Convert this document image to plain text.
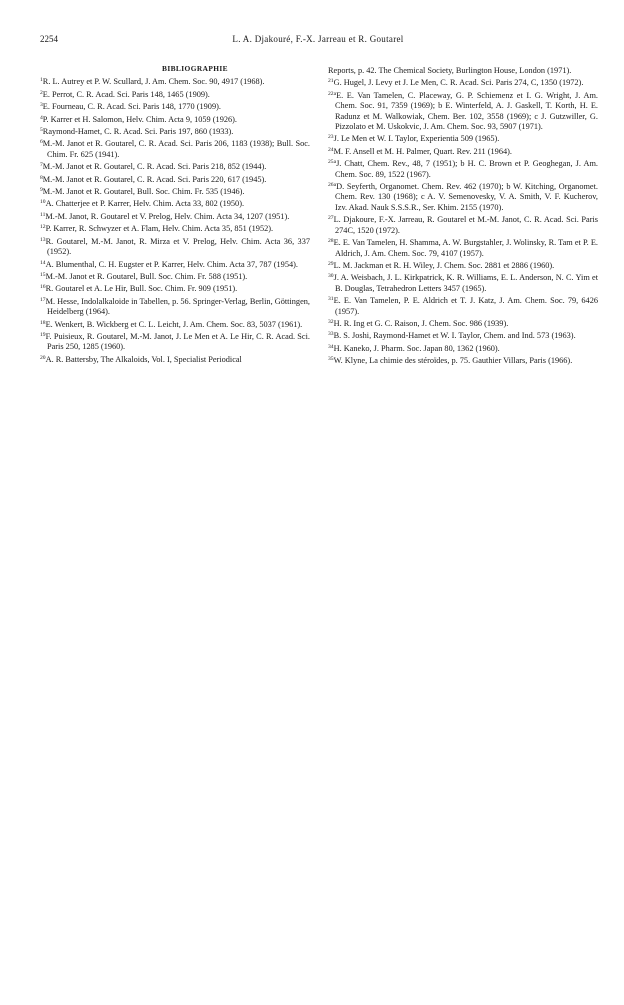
2254	L. A. Djakouré, F.-X. Jarreau et R. Goutarel
BIBLIOGRAPHIE
$^1$R. L. Autrey et P. W. Scullard, J. Am. Chem. Soc. 90, 4917 (1968).
$^2$E. Perrot, C. R. Acad. Sci. Paris 148, 1465 (1909).
$^3$E. Fourneau, C. R. Acad. Sci. Paris 148, 1770 (1909).
$^4$P. Karrer et H. Salomon, Helv. Chim. Acta 9, 1059 (1926).
$^5$Raymond-Hamet, C. R. Acad. Sci. Paris 197, 860 (1933).
$^6$M.-M. Janot et R. Goutarel, C. R. Acad. Sci. Paris 206, 1183 (1938); Bull. Soc. Chim. Fr. 625 (1941).
$^7$M.-M. Janot et R. Goutarel, C. R. Acad. Sci. Paris 218, 852 (1944).
$^8$M.-M. Janot et R. Goutarel, C. R. Acad. Sci. Paris 220, 617 (1945).
$^9$M.-M. Janot et R. Goutarel, Bull. Soc. Chim. Fr. 535 (1946).
$^{10}$A. Chatterjee et P. Karrer, Helv. Chim. Acta 33, 802 (1950).
$^{11}$M.-M. Janot, R. Goutarel et V. Prelog, Helv. Chim. Acta 34, 1207 (1951).
$^{12}$P. Karrer, R. Schwyzer et A. Flam, Helv. Chim. Acta 35, 851 (1952).
$^{13}$R. Goutarel, M.-M. Janot, R. Mirza et V. Prelog, Helv. Chim. Acta 36, 337 (1952).
$^{14}$A. Blumenthal, C. H. Eugster et P. Karrer, Helv. Chim. Acta 37, 787 (1954).
$^{15}$M.-M. Janot et R. Goutarel, Bull. Soc. Chim. Fr. 588 (1951).
$^{16}$R. Goutarel et A. Le Hir, Bull. Soc. Chim. Fr. 909 (1951).
$^{17}$M. Hesse, Indolalkaloide in Tabellen, p. 56. Springer-Verlag, Berlin, Göttingen, Heidelberg (1964).
$^{18}$E. Wenkert, B. Wickberg et C. L. Leicht, J. Am. Chem. Soc. 83, 5037 (1961).
$^{19}$F. Puisieux, R. Goutarel, M.-M. Janot, J. Le Men et A. Le Hir, C. R. Acad. Sci. Paris 250, 1285 (1960).
$^{20}$A. R. Battersby, The Alkaloids, Vol. I, Specialist Periodical
Reports, p. 42. The Chemical Society, Burlington House, London (1971).
$^{21}$G. Hugel, J. Levy et J. Le Men, C. R. Acad. Sci. Paris 274, C, 1350 (1972).
$^{22a}$E. E. Van Tamelen, C. Placeway, G. P. Schiemenz et I. G. Wright, J. Am. Chem. Soc. 91, 7359 (1969); b E. Winterfeld, A. J. Gaskell, T. Korth, H. E. Radunz et M. Walkowiak, Chem. Ber. 102, 3558 (1969); c J. Gutzwiller, G. Pizzolato et M. Uskokvic, J. Am. Chem. Soc. 93, 5907 (1971).
$^{23}$J. Le Men et W. I. Taylor, Experientia 509 (1965).
$^{24}$M. F. Ansell et M. H. Palmer, Quart. Rev. 211 (1964).
$^{25a}$J. Chatt, Chem. Rev., 48, 7 (1951); b H. C. Brown et P. Geoghegan, J. Am. Chem. Soc. 89, 1522 (1967).
$^{26a}$D. Seyferth, Organomet. Chem. Rev. 462 (1970); b W. Kitching, Organomet. Chem. Rev. 130 (1968); c A. V. Semenovesky, V. A. Smith, V. F. Kucherov, Izv. Akad. Nauk S.S.S.R., Ser. Khim. 2155 (1970).
$^{27}$L. Djakoure, F.-X. Jarreau, R. Goutarel et M.-M. Janot, C. R. Acad. Sci. Paris 274C, 1520 (1972).
$^{28}$E. E. Van Tamelen, H. Shamma, A. W. Burgstahler, J. Wolinsky, R. Tam et P. E. Aldrich, J. Am. Chem. Soc. 79, 4107 (1957).
$^{29}$L. M. Jackman et R. H. Wiley, J. Chem. Soc. 2881 et 2886 (1960).
$^{30}$J. A. Weisbach, J. L. Kirkpatrick, K. R. Williams, E. L. Anderson, N. C. Yim et B. Douglas, Tetrahedron Letters 3457 (1965).
$^{31}$E. E. Van Tamelen, P. E. Aldrich et T. J. Katz, J. Am. Chem. Soc. 79, 6426 (1957).
$^{32}$H. R. Ing et G. C. Raison, J. Chem. Soc. 986 (1939).
$^{33}$B. S. Joshi, Raymond-Hamet et W. I. Taylor, Chem. and Ind. 573 (1963).
$^{34}$H. Kaneko, J. Pharm. Soc. Japan 80, 1362 (1960).
$^{35}$W. Klyne, La chimie des stéroïdes, p. 75. Gauthier Villars, Paris (1966).
